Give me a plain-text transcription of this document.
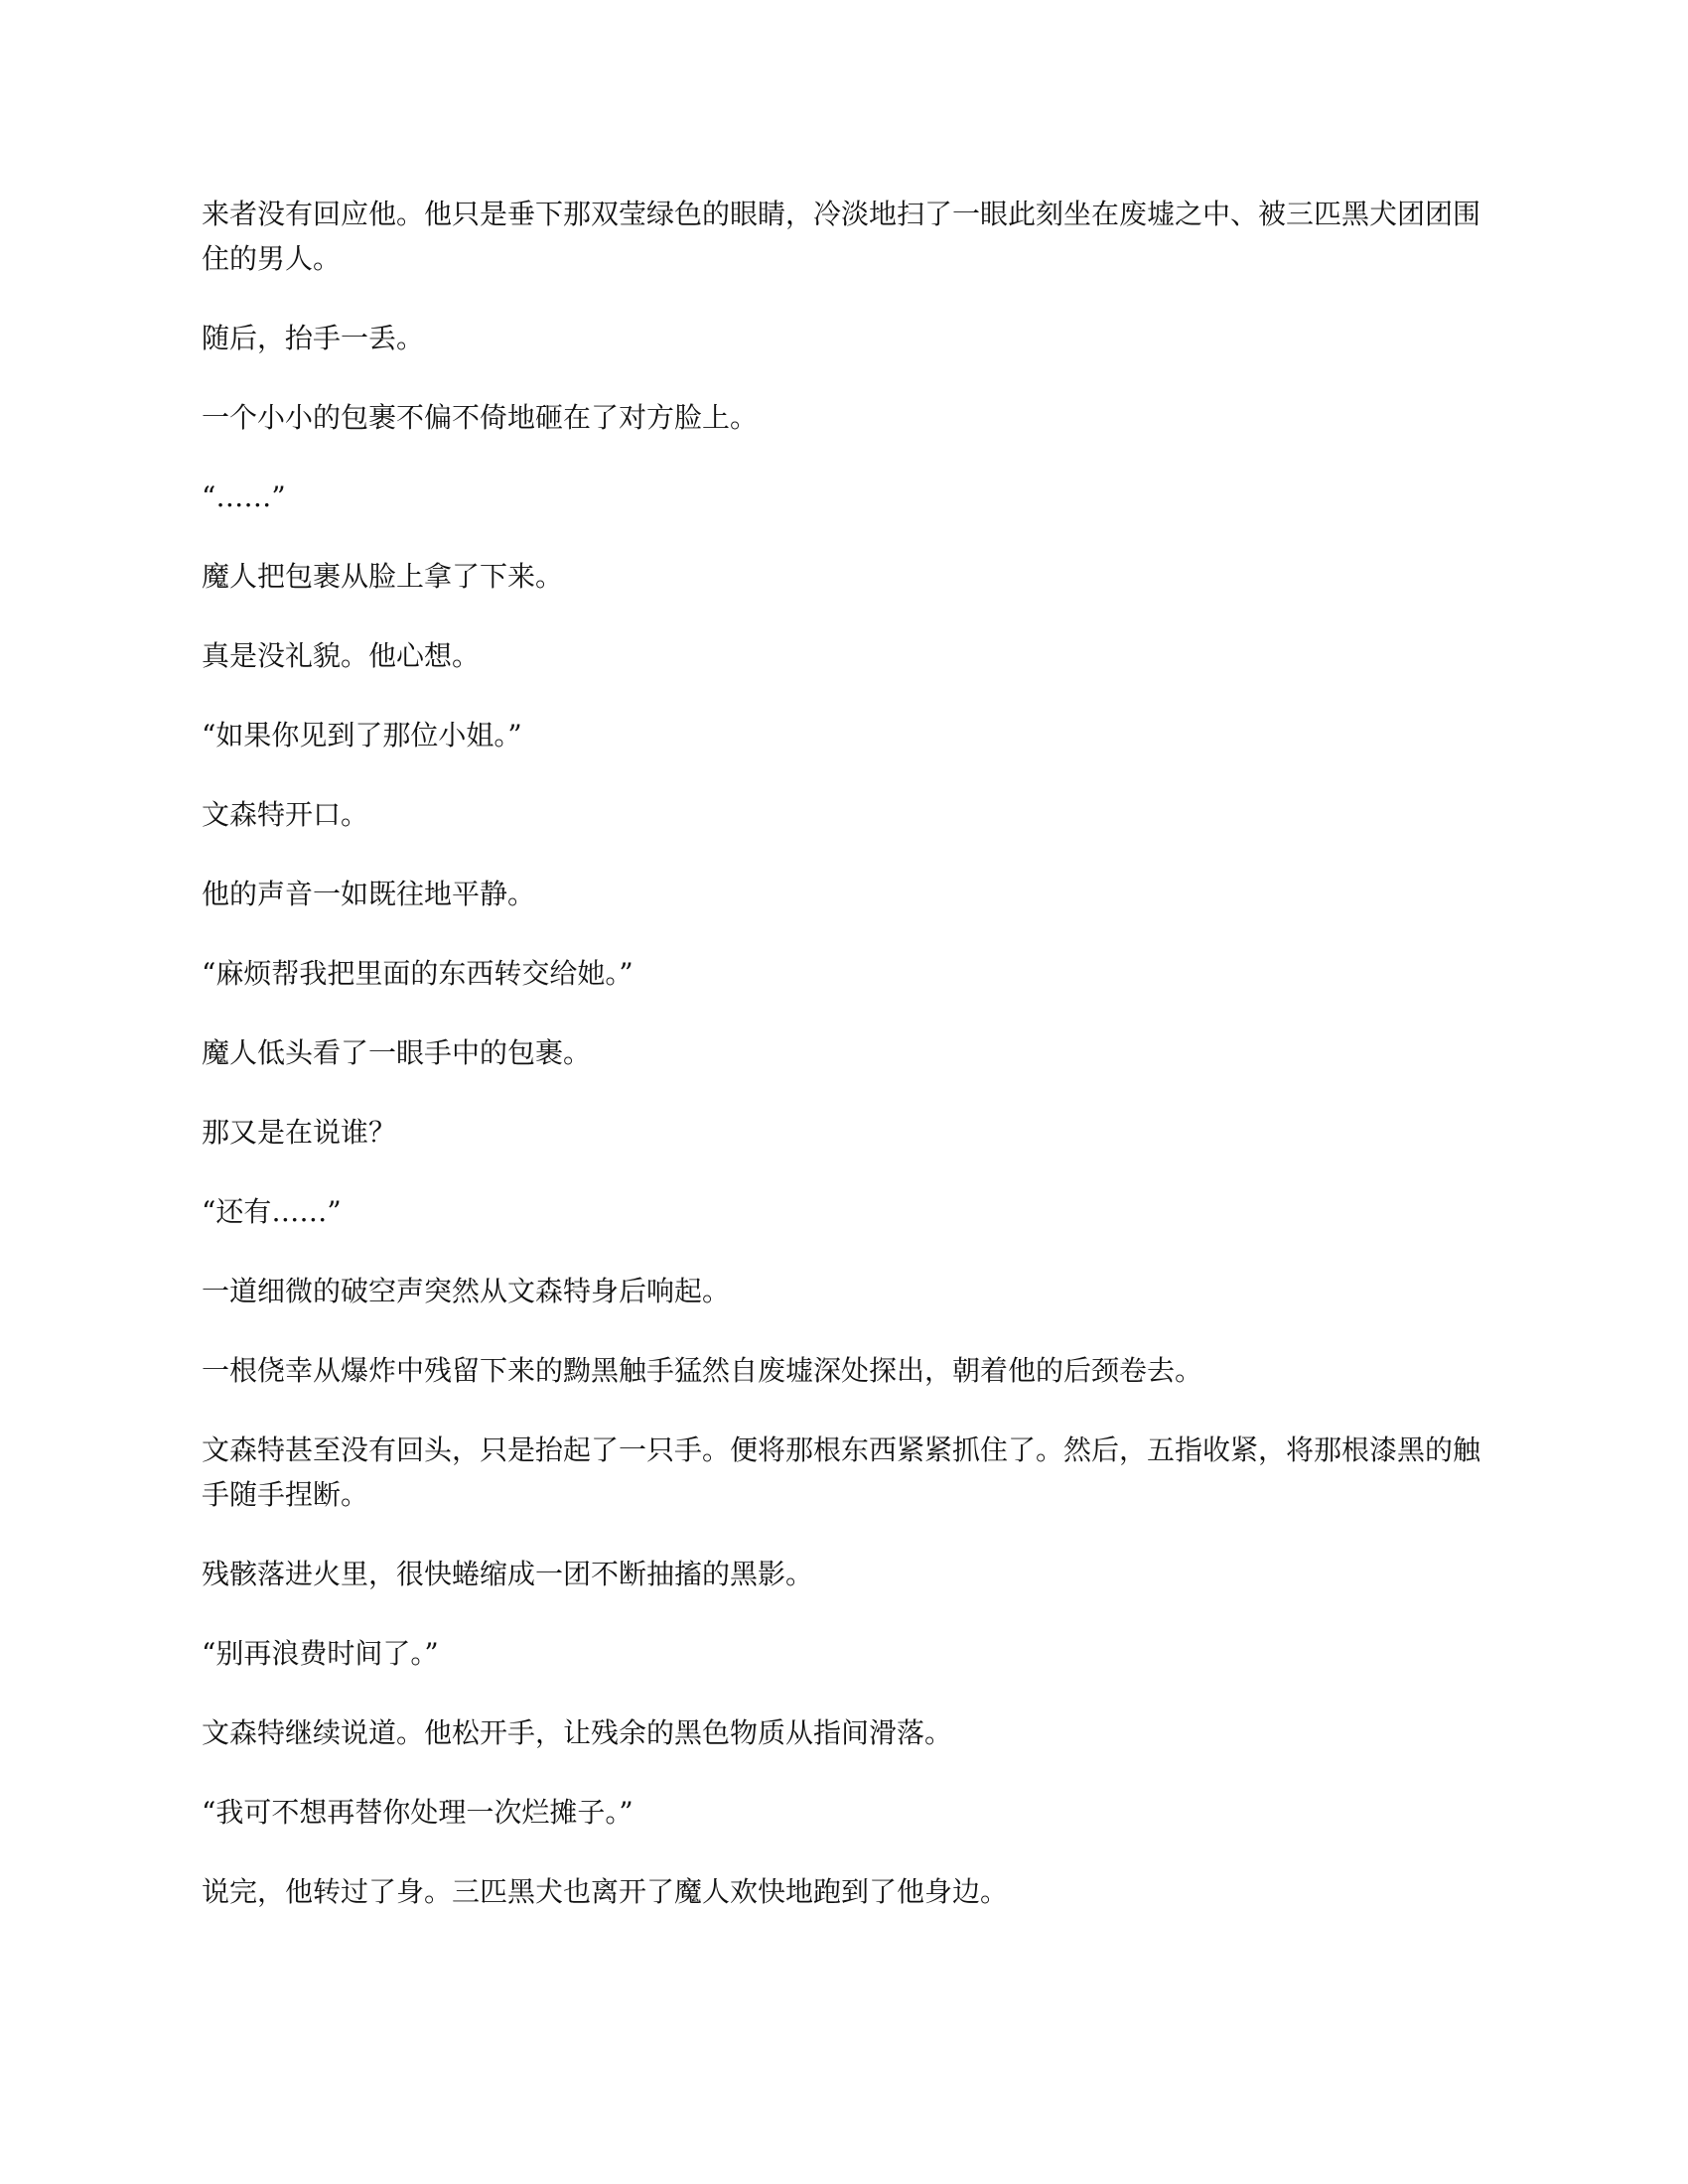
来者没有回应他。他只是垂下那双莹绿色的眼睛，冷淡地扫了一眼此刻坐在废墟之中、被三匹黑犬团团围住的男人。

随后，抬手一丢。

一个小小的包裹不偏不倚地砸在了对方脸上。

“……”

魔人把包裹从脸上拿了下来。

真是没礼貌。他心想。

“如果你见到了那位小姐。”

文森特开口。

他的声音一如既往地平静。

“麻烦帮我把里面的东西转交给她。”

魔人低头看了一眼手中的包裹。

那又是在说谁？

“还有……”

一道细微的破空声突然从文森特身后响起。

一根侥幸从爆炸中残留下来的黝黑触手猛然自废墟深处探出，朝着他的后颈卷去。

文森特甚至没有回头，只是抬起了一只手。便将那根东西紧紧抓住了。然后，五指收紧，将那根漆黑的触手随手捏断。

残骸落进火里，很快蜷缩成一团不断抽搐的黑影。

“别再浪费时间了。”

文森特继续说道。他松开手，让残余的黑色物质从指间滑落。

“我可不想再替你处理一次烂摊子。”

说完，他转过了身。三匹黑犬也离开了魔人欢快地跑到了他身边。
